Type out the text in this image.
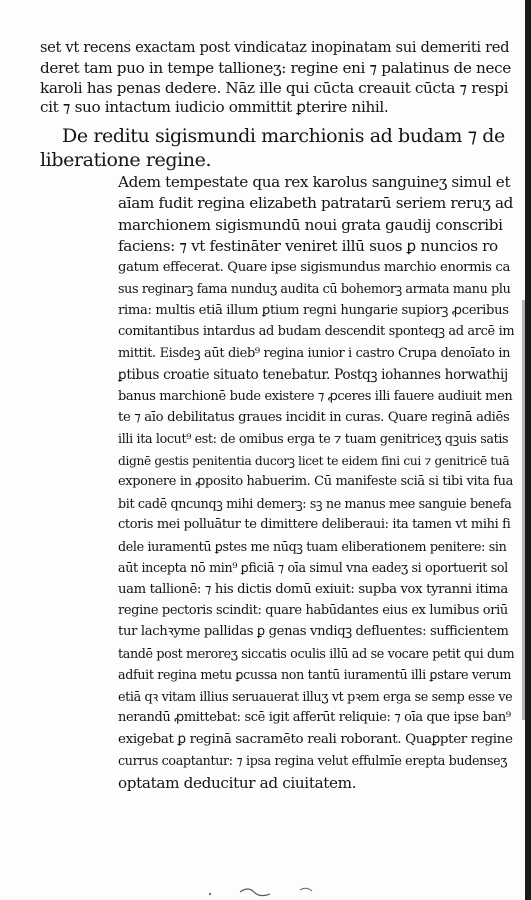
set vt recens exactam post vindicataz inopinatam sui demeriti red
deret tam puo in tempe tallioneʒ: regine eni ⁊ palatinus de nece
karoli has penas dedere. Nāz ille qui cūcta creauit cūcta ⁊ respi
cit ⁊ suo intactum iudicio ommittit ꝑterire nihil.
De reditu sigismundi marchionis ad budam ⁊ de
liberatione regine.
Adem tempestate qua rex karolus sanguineʒ simul et
aīam fudit regina elizabeth patratarū seriem reruʒ ad
marchionem sigismundū noui grata gaudij conscribi
faciens: ⁊ vt festināter veniret illū suos ꝑ nuncios ro
gatum effecerat. Quare ipse sigismundus marchio enormis ca
sus reginarꝫ fama nunduʒ audita cū bohemorꝫ armata manu plu
rima: multis etiā illum ꝑtium regni hungarie supiorꝫ ꝓceribus
comitantibus intardus ad budam descendit sponteqꝫ ad arcē im
mittit. Eisdeꝫ aūt dieb⁹ regina iunior i castro Crupa denoīato in
ꝑtibus croatie situato tenebatur. Postqꝫ iohannes horwathij
banus marchionē bude existere ⁊ ꝓceres illi fauere audiuit men
te ⁊ aīo debilitatus graues incidit in curas. Quare reginā adiēs
illi ita locut⁹ est: de omibus erga te ⁊ tuam genitriceʒ qꝫuis satis
dignē gestis penitentia ducorꝫ licet te eidem fini cui ⁊ genitricē tuā
exponere in ꝓposito habuerim. Cū manifeste sciā si tibi vita fua
bit cadē qncunqꝫ mihi demerꝫ: sꝫ ne manus mee sanguie benefa
ctoris mei polluātur te dimittere deliberaui: ita tamen vt mihi fi
dele iuramentū ꝑstes me nūqꝫ tuam eliberationem penitere: sin
aūt incepta nō min⁹ ꝑficiā ⁊ oīa simul vna eadeʒ si oportuerit sol
uam tallionē: ⁊ his dictis domū exiuit: supba vox tyranni itima
regine pectoris scindit: quare habūdantes eius ex lumibus oriū
tur lachꝛyme pallidas ꝑ genas vndiqꝫ defluentes: sufficientem
tandē post meroreʒ siccatis oculis illū ad se vocare petit qui dum
adfuit regina metu ꝑcussa non tantū iuramentū illi ꝑstare verum
etiā qꝛ vitam illius seruauerat illuʒ vt pꝛem erga se semp esse ve
nerandū ꝓmittebat: scē igit afferūt reliquie: ⁊ oīa que ipse ban⁹
exigebat ꝑ reginā sacramēto reali roborant. Quaꝑpter regine
currus coaptantur: ⁊ ipsa regina velut effulmīe erepta budenseʒ
optatam deducitur ad ciuitatem.
